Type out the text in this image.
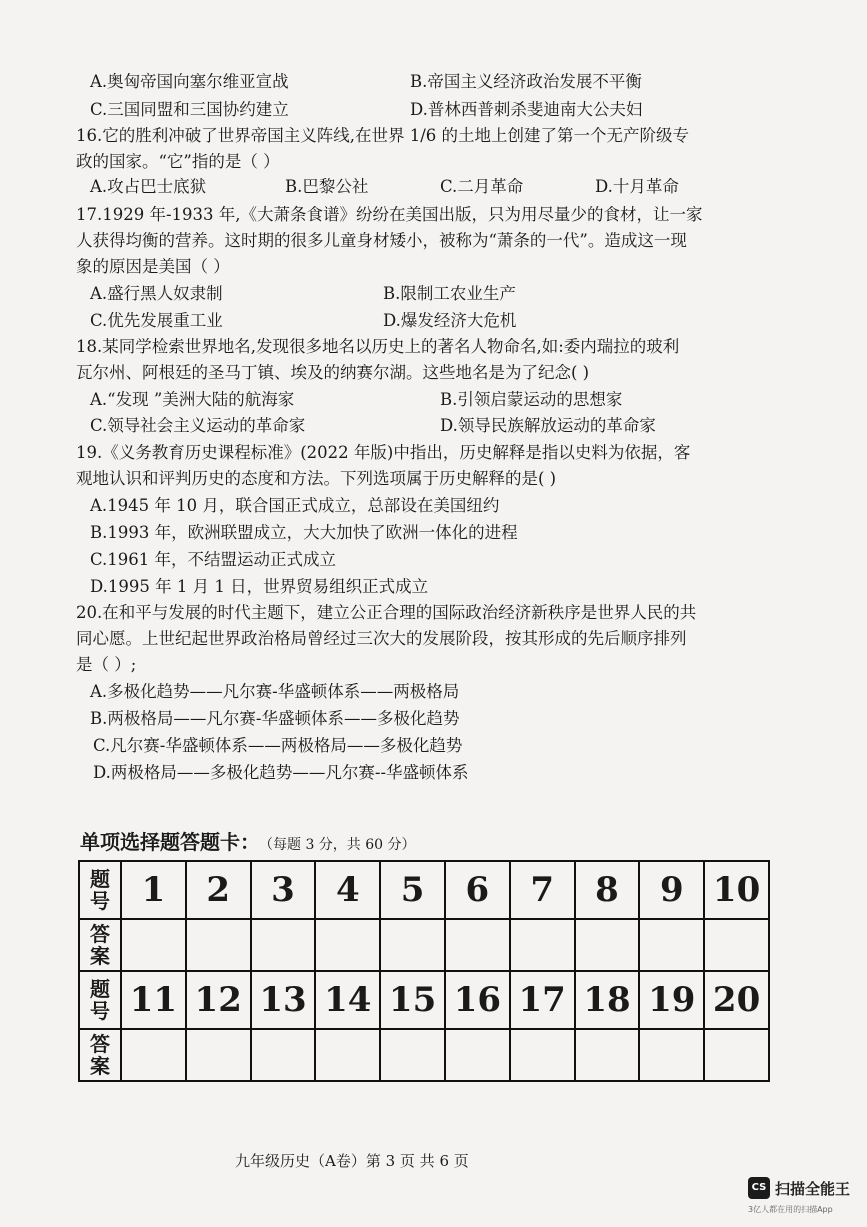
A.奥匈帝国向塞尔维亚宣战	B.帝国主义经济政治发展不平衡
C.三国同盟和三国协约建立	D.普林西普刺杀斐迪南大公夫妇
16.它的胜利冲破了世界帝国主义阵线,在世界 1/6 的土地上创建了第一个无产阶级专
政的国家。“它”指的是（ ）
A.攻占巴士底狱	B.巴黎公社	C.二月革命	D.十月革命
17.1929 年-1933 年,《大萧条食谱》纷纷在美国出版，只为用尽量少的食材，让一家
人获得均衡的营养。这时期的很多儿童身材矮小，被称为“萧条的一代”。造成这一现
象的原因是美国（ ）
A.盛行黑人奴隶制	B.限制工农业生产
C.优先发展重工业	D.爆发经济大危机
18.某同学检索世界地名,发现很多地名以历史上的著名人物命名,如:委内瑞拉的玻利
瓦尔州、阿根廷的圣马丁镇、埃及的纳赛尔湖。这些地名是为了纪念( )
A.“发现 ”美洲大陆的航海家	B.引领启蒙运动的思想家
C.领导社会主义运动的革命家	D.领导民族解放运动的革命家
19.《义务教育历史课程标准》(2022 年版)中指出，历史解释是指以史料为依据，客
观地认识和评判历史的态度和方法。下列选项属于历史解释的是( )
A.1945 年 10 月，联合国正式成立，总部设在美国纽约
B.1993 年，欧洲联盟成立，大大加快了欧洲一体化的进程
C.1961 年，不结盟运动正式成立
D.1995 年 1 月 1 日，世界贸易组织正式成立
20.在和平与发展的时代主题下，建立公正合理的国际政治经济新秩序是世界人民的共
同心愿。上世纪起世界政治格局曾经过三次大的发展阶段，按其形成的先后顺序排列
是（ ）;
A.多极化趋势——凡尔赛-华盛顿体系——两极格局
B.两极格局——凡尔赛-华盛顿体系——多极化趋势
C.凡尔赛-华盛顿体系——两极格局——多极化趋势
D.两极格局——多极化趋势——凡尔赛--华盛顿体系
单项选择题答题卡： （每题 3 分，共 60 分）
题
号	1	2	3	4	5	6	7	8	9	10
答
案										
题
号	11	12	13	14	15	16	17	18	19	20
答
案										
九年级历史（A卷）第 3 页 共 6 页
CS 扫描全能王
3亿人都在用的扫描App
